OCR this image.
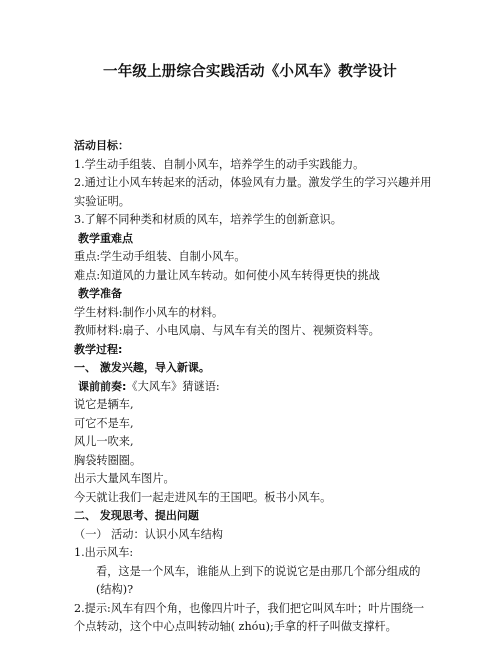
一年级上册综合实践活动《小风车》教学设计
活动目标：
1.学生动手组装、自制小风车，培养学生的动手实践能力。
2.通过让小风车转起来的活动，体验风有力量。激发学生的学习兴趣并用实验证明。
3.了解不同种类和材质的风车，培养学生的创新意识。
教学重难点
重点:学生动手组装、自制小风车。
难点:知道风的力量让风车转动。如何使小风车转得更快的挑战
教学准备
学生材料:制作小风车的材料。
教师材料:扇子、小电风扇、与风车有关的图片、视频资料等。
教学过程:
一、 激发兴趣，导入新课。
课前前奏:《大风车》猜谜语:
说它是辆车,
可它不是车,
风儿一吹来,
胸袋转圈圈。
出示大量风车图片。
今天就让我们一起走进风车的王国吧。板书小风车。
二、 发现思考、提出问题
（一） 活动：认识小风车结构
1.出示风车:
看，这是一个风车，谁能从上到下的说说它是由那几个部分组成的(结构)?
2.提示:风车有四个角，也像四片叶子，我们把它叫风车叶；叶片围绕一个点转动，这个中心点叫转动轴( zhóu);手拿的杆子叫做支撑杆。
